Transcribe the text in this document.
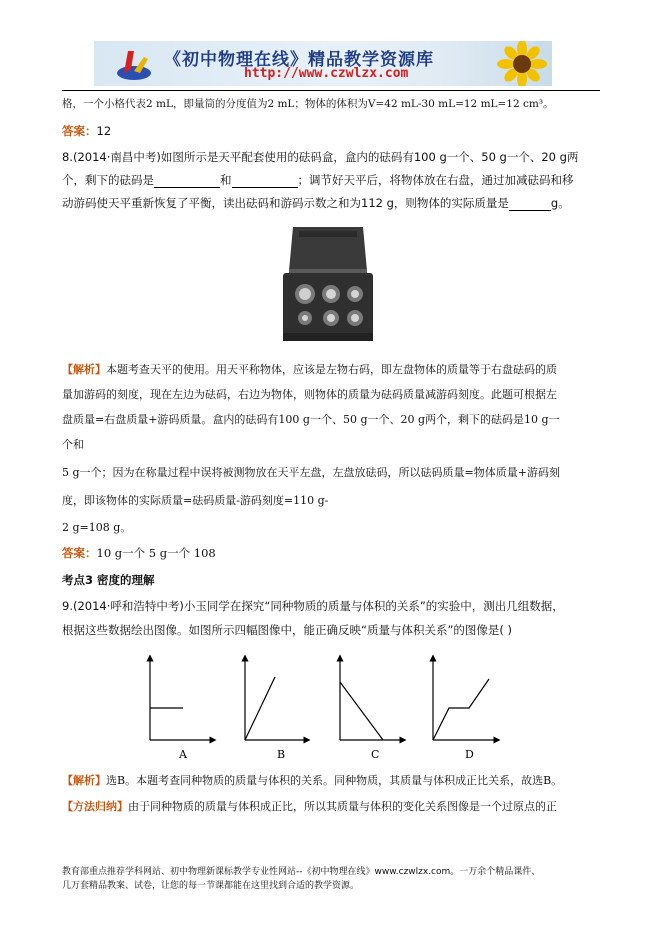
《初中物理在线》精品教学资源库
http://www.czwlzx.com
格，一个小格代表2 mL，即量筒的分度值为2 mL；物体的体积为V=42 mL-30 mL=12 mL=12 cm³。
答案：12
8.(2014·南昌中考)如图所示是天平配套使用的砝码盒，盒内的砝码有100 g一个、50 g一个、20 g两
个，剩下的砝码是	和	；调节好天平后，将物体放在右盘，通过加减砝码和移
动游码使天平重新恢复了平衡，读出砝码和游码示数之和为112 g，则物体的实际质量是	g。
【解析】本题考查天平的使用。用天平称物体，应该是左物右码，即左盘物体的质量等于右盘砝码的质
量加游码的刻度，现在左边为砝码，右边为物体，则物体的质量为砝码质量减游码刻度。此题可根据左
盘质量=右盘质量+游码质量。盒内的砝码有100 g一个、50 g一个、20 g两个，剩下的砝码是10 g一
个和
5 g一个；因为在称量过程中误将被测物放在天平左盘，左盘放砝码，所以砝码质量=物体质量+游码刻
度，即该物体的实际质量=砝码质量-游码刻度=110 g-
2 g=108 g。
答案：10 g一个 5 g一个 108
考点3 密度的理解
9.(2014·呼和浩特中考)小玉同学在探究“同种物质的质量与体积的关系”的实验中，测出几组数据，
根据这些数据绘出图像。如图所示四幅图像中，能正确反映“质量与体积关系”的图像是( )
A	B	C	D
【解析】选B。本题考查同种物质的质量与体积的关系。同种物质，其质量与体积成正比关系，故选B。
【方法归纳】由于同种物质的质量与体积成正比，所以其质量与体积的变化关系图像是一个过原点的正
教育部重点推荐学科网站、初中物理新课标教学专业性网站--《初中物理在线》www.czwlzx.com。一万余个精品课件、
几万套精品教案、试卷，让您的每一节课都能在这里找到合适的教学资源。
